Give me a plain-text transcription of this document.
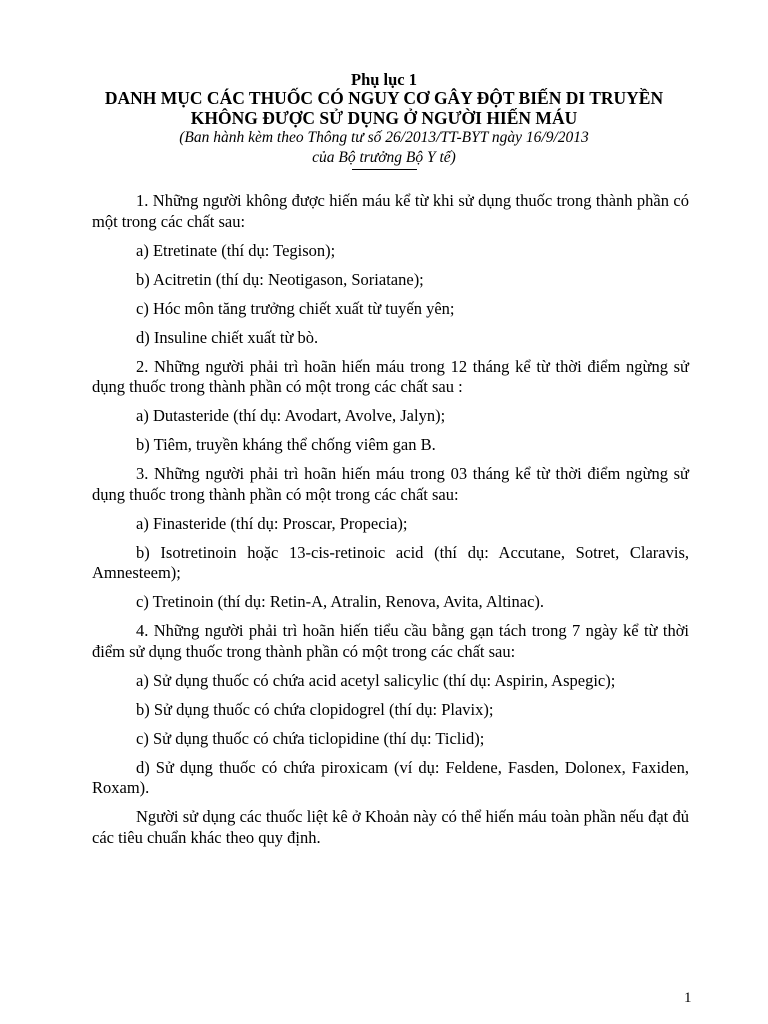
Phụ lục 1
DANH MỤC CÁC THUỐC CÓ NGUY CƠ GÂY ĐỘT BIẾN DI TRUYỀN
KHÔNG ĐƯỢC SỬ DỤNG Ở NGƯỜI HIẾN MÁU
(Ban hành kèm theo Thông tư số 26/2013/TT-BYT ngày 16/9/2013
của Bộ trưởng Bộ Y tế)

1. Những người không được hiến máu kể từ khi sử dụng thuốc trong thành phần có một trong các chất sau:

a) Etretinate (thí dụ: Tegison);

b) Acitretin (thí dụ: Neotigason, Soriatane);

c) Hóc môn tăng trưởng chiết xuất từ tuyến yên;

d) Insuline chiết xuất từ bò.

2. Những người phải trì hoãn hiến máu trong 12 tháng kể từ thời điểm ngừng sử dụng thuốc trong thành phần có một trong các chất sau :

a) Dutasteride (thí dụ: Avodart, Avolve, Jalyn);

b) Tiêm, truyền kháng thể chống viêm gan B.

3. Những người phải trì hoãn hiến máu trong 03 tháng kể từ thời điểm ngừng sử dụng thuốc trong thành phần có một trong các chất sau:

a) Finasteride (thí dụ: Proscar, Propecia);

b) Isotretinoin hoặc 13-cis-retinoic acid (thí dụ: Accutane, Sotret, Claravis, Amnesteem);

c) Tretinoin (thí dụ: Retin-A, Atralin, Renova, Avita, Altinac).

4. Những người phải trì hoãn hiến tiểu cầu bằng gạn tách trong 7 ngày kể từ thời điểm sử dụng thuốc trong thành phần có một trong các chất sau:

a) Sử dụng thuốc có chứa acid acetyl salicylic (thí dụ: Aspirin, Aspegic);

b) Sử dụng thuốc có chứa clopidogrel (thí dụ: Plavix);

c) Sử dụng thuốc có chứa ticlopidine (thí dụ: Ticlid);

d) Sử dụng thuốc có chứa piroxicam (ví dụ: Feldene, Fasden, Dolonex, Faxiden, Roxam).

Người sử dụng các thuốc liệt kê ở Khoản này có thể hiến máu toàn phần nếu đạt đủ các tiêu chuẩn khác theo quy định.

1
